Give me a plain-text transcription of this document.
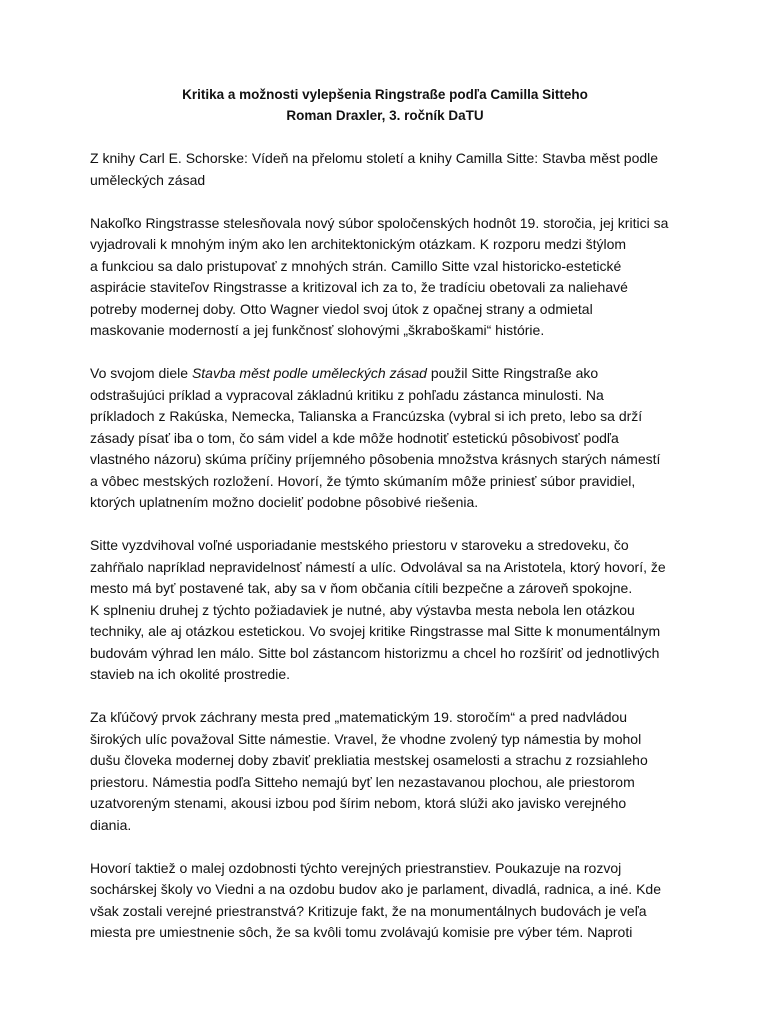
Kritika a možnosti vylepšenia Ringstraße podľa Camilla Sitteho
Roman Draxler, 3. ročník DaTU

Z knihy Carl E. Schorske: Vídeň na přelomu století a knihy Camilla Sitte: Stavba měst podle
uměleckých zásad

Nakoľko Ringstrasse stelesňovala nový súbor spoločenských hodnôt 19. storočia, jej kritici sa
vyjadrovali k mnohým iným ako len architektonickým otázkam. K rozporu medzi štýlom
a funkciou sa dalo pristupovať z mnohých strán. Camillo Sitte vzal historicko-estetické
aspirácie staviteľov Ringstrasse a kritizoval ich za to, že tradíciu obetovali za naliehavé
potreby modernej doby. Otto Wagner viedol svoj útok z opačnej strany a odmietal
maskovanie moderností a jej funkčnosť slohovými „škraboškami“ histórie.

Vo svojom diele Stavba měst podle uměleckých zásad použil Sitte Ringstraße ako
odstrašujúci príklad a vypracoval základnú kritiku z pohľadu zástanca minulosti. Na
príkladoch z Rakúska, Nemecka, Talianska a Francúzska (vybral si ich preto, lebo sa drží
zásady písať iba o tom, čo sám videl a kde môže hodnotiť estetickú pôsobivosť podľa
vlastného názoru) skúma príčiny príjemného pôsobenia množstva krásnych starých námestí
a vôbec mestských rozložení. Hovorí, že týmto skúmaním môže priniesť súbor pravidiel,
ktorých uplatnením možno docieliť podobne pôsobivé riešenia.

Sitte vyzdvihoval voľné usporiadanie mestského priestoru v staroveku a stredoveku, čo
zahŕňalo napríklad nepravidelnosť námestí a ulíc. Odvolával sa na Aristotela, ktorý hovorí, že
mesto má byť postavené tak, aby sa v ňom občania cítili bezpečne a zároveň spokojne.
K splneniu druhej z týchto požiadaviek je nutné, aby výstavba mesta nebola len otázkou
techniky, ale aj otázkou estetickou. Vo svojej kritike Ringstrasse mal Sitte k monumentálnym
budovám výhrad len málo. Sitte bol zástancom historizmu a chcel ho rozšíriť od jednotlivých
stavieb na ich okolité prostredie.

Za kľúčový prvok záchrany mesta pred „matematickým 19. storočím“ a pred nadvládou
širokých ulíc považoval Sitte námestie. Vravel, že vhodne zvolený typ námestia by mohol
dušu človeka modernej doby zbaviť prekliatia mestskej osamelosti a strachu z rozsiahleho
priestoru. Námestia podľa Sitteho nemajú byť len nezastavanou plochou, ale priestorom
uzatvoreným stenami, akousi izbou pod šírim nebom, ktorá slúži ako javisko verejného
diania.

Hovorí taktiež o malej ozdobnosti týchto verejných priestranstiev. Poukazuje na rozvoj
sochárskej školy vo Viedni a na ozdobu budov ako je parlament, divadlá, radnica, a iné. Kde
však zostali verejné priestranstvá? Kritizuje fakt, že na monumentálnych budovách je veľa
miesta pre umiestnenie sôch, že sa kvôli tomu zvolávajú komisie pre výber tém. Naproti
